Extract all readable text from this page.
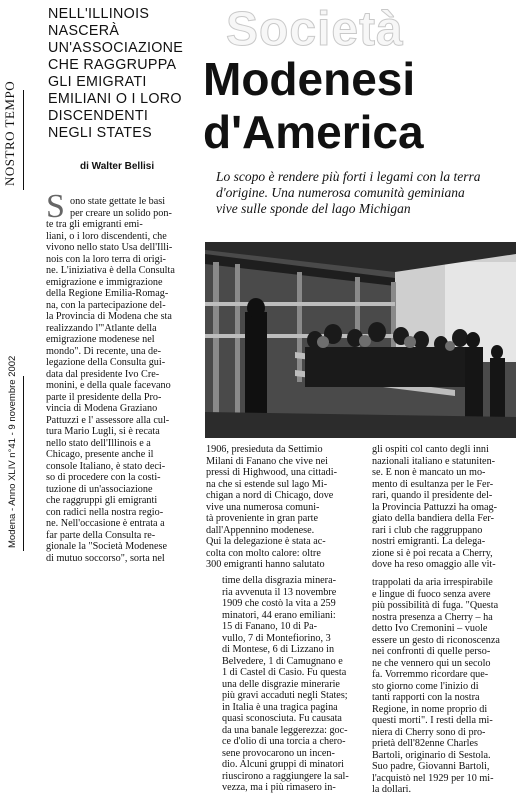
NOSTRO TEMPO
Modena - Anno XLIV n°41 - 9 novembre 2002
Società
NELL'ILLINOIS
NASCERÀ
UN'ASSOCIAZIONE
CHE RAGGRUPPA
GLI EMIGRATI
EMILIANI O I LORO
DISCENDENTI
NEGLI STATES
di Walter Bellisi
Modenesi
d'America
Lo scopo è rendere più forti i legami con la terra
d'origine. Una numerosa comunità geminiana
vive sulle sponde del lago Michigan
S ono state gettate le basi
per creare un solido pon-
te tra gli emigranti emi-
liani, o i loro discendenti, che
vivono nello stato Usa dell'Illi-
nois con la loro terra di origi-
ne. L'iniziativa è della Consulta
emigrazione e immigrazione
della Regione Emilia-Romag-
na, con la partecipazione del-
la Provincia di Modena che sta
realizzando l'"Atlante della
emigrazione modenese nel
mondo". Di recente, una de-
legazione della Consulta gui-
data dal presidente Ivo Cre-
monini, e della quale facevano
parte il presidente della Pro-
vincia di Modena Graziano
Pattuzzi e l' assessore alla cul-
tura Mario Lugli, si è recata
nello stato dell'Illinois e a
Chicago, presente anche il
console Italiano, è stato deci-
so di procedere con la costi-
tuzione di un'associazione
che raggruppi gli emigranti
con radici nella nostra regio-
ne. Nell'occasione è entrata a
far parte della Consulta re-
gionale la "Società Modenese
di mutuo soccorso", sorta nel
1906, presieduta da Settimio
Milani di Fanano che vive nei
pressi di Highwood, una cittadi-
na che si estende sul lago Mi-
chigan a nord di Chicago, dove
vive una numerosa comuni-
tà proveniente in gran parte
dall'Appennino modenese.
Qui la delegazione è stata ac-
colta con molto calore: oltre
300 emigranti hanno salutato
gli ospiti col canto degli inni
nazionali italiano e statuniten-
se. E non è mancato un mo-
mento di esultanza per le Fer-
rari, quando il presidente del-
la Provincia Pattuzzi ha omag-
giato della bandiera della Fer-
rari i club che raggruppano
nostri emigranti. La delega-
zione si è poi recata a Cherry,
dove ha reso omaggio alle vit-
time della disgrazia minera-
ria avvenuta il 13 novembre
1909 che costò la vita a 259
minatori, 44 erano emiliani:
15 di Fanano, 10 di Pa-
vullo, 7 di Montefiorino, 3
di Montese, 6 di Lizzano in
Belvedere, 1 di Camugnano e
1 di Castel di Casio. Fu questa
una delle disgrazie minerarie
più gravi accaduti negli States;
in Italia è una tragica pagina
quasi sconosciuta. Fu causata
da una banale leggerezza: goc-
ce d'olio di una torcia a chero-
sene provocarono un incen-
dio. Alcuni gruppi di minatori
riuscirono a raggiungere la sal-
vezza, ma i più rimasero in-
trappolati da aria irrespirabile
e lingue di fuoco senza avere
più possibilità di fuga. "Questa
nostra presenza a Cherry – ha
detto Ivo Cremonini – vuole
essere un gesto di riconoscenza
nei confronti di quelle perso-
ne che vennero qui un secolo
fa. Vorremmo ricordare que-
sto giorno come l'inizio di
tanti rapporti con la nostra
Regione, in nome proprio di
questi morti". I resti della mi-
niera di Cherry sono di pro-
prietà dell'82enne Charles
Bartoli, originario di Sestola.
Suo padre, Giovanni Bartoli,
l'acquistò nel 1929 per 10 mi-
la dollari.
